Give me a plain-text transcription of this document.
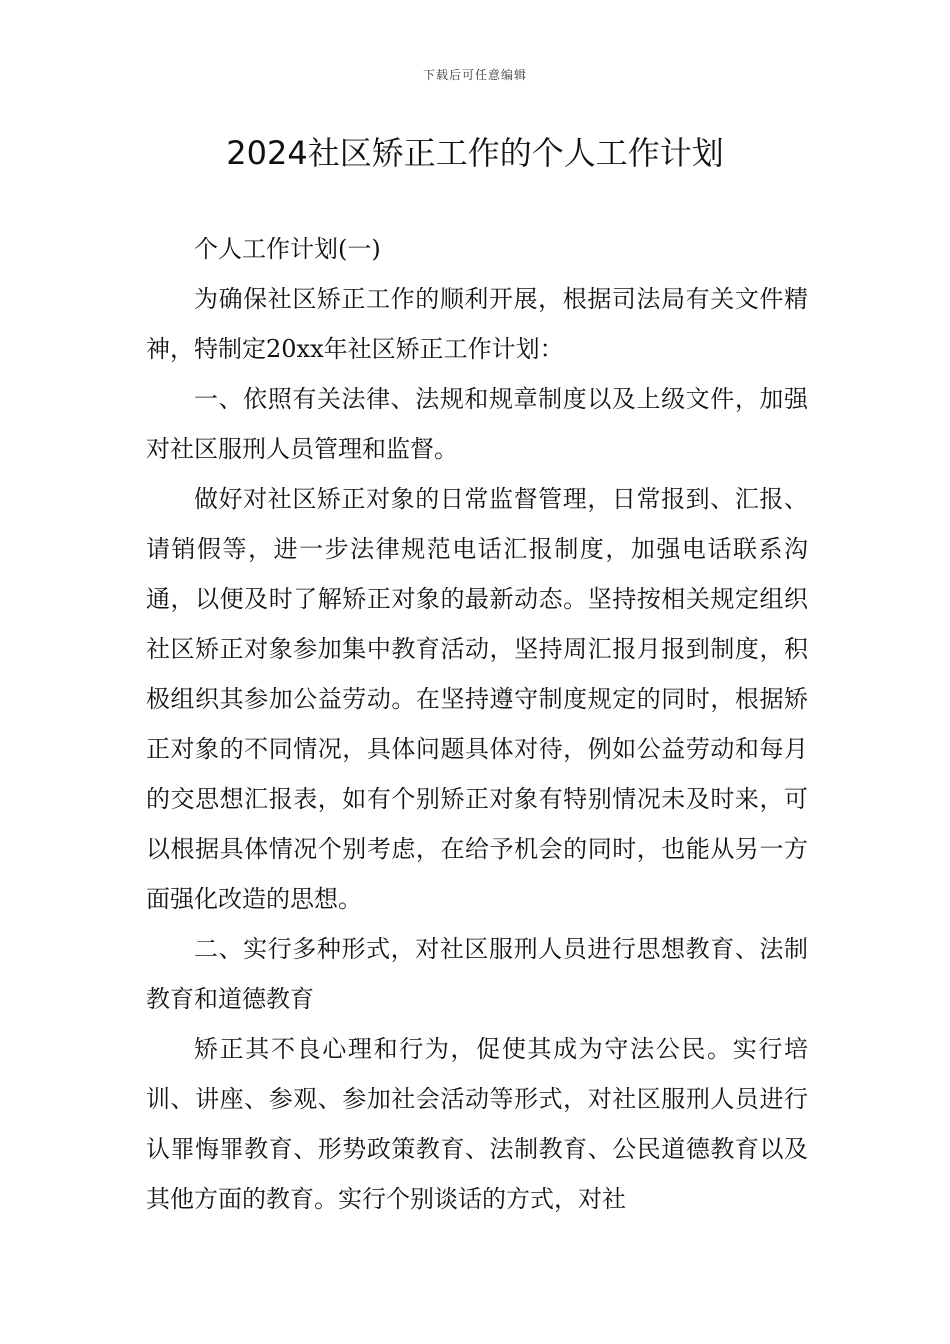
下载后可任意编辑
2024社区矫正工作的个人工作计划

个人工作计划(一)

为确保社区矫正工作的顺利开展，根据司法局有关文件精神，特制定20xx年社区矫正工作计划：

一、依照有关法律、法规和规章制度以及上级文件，加强对社区服刑人员管理和监督。

做好对社区矫正对象的日常监督管理，日常报到、汇报、请销假等，进一步法律规范电话汇报制度，加强电话联系沟通，以便及时了解矫正对象的最新动态。坚持按相关规定组织社区矫正对象参加集中教育活动，坚持周汇报月报到制度，积极组织其参加公益劳动。在坚持遵守制度规定的同时，根据矫正对象的不同情况，具体问题具体对待，例如公益劳动和每月的交思想汇报表，如有个别矫正对象有特别情况未及时来，可以根据具体情况个别考虑，在给予机会的同时，也能从另一方面强化改造的思想。

二、实行多种形式，对社区服刑人员进行思想教育、法制教育和道德教育

矫正其不良心理和行为，促使其成为守法公民。实行培训、讲座、参观、参加社会活动等形式，对社区服刑人员进行认罪悔罪教育、形势政策教育、法制教育、公民道德教育以及其他方面的教育。实行个别谈话的方式，对社
